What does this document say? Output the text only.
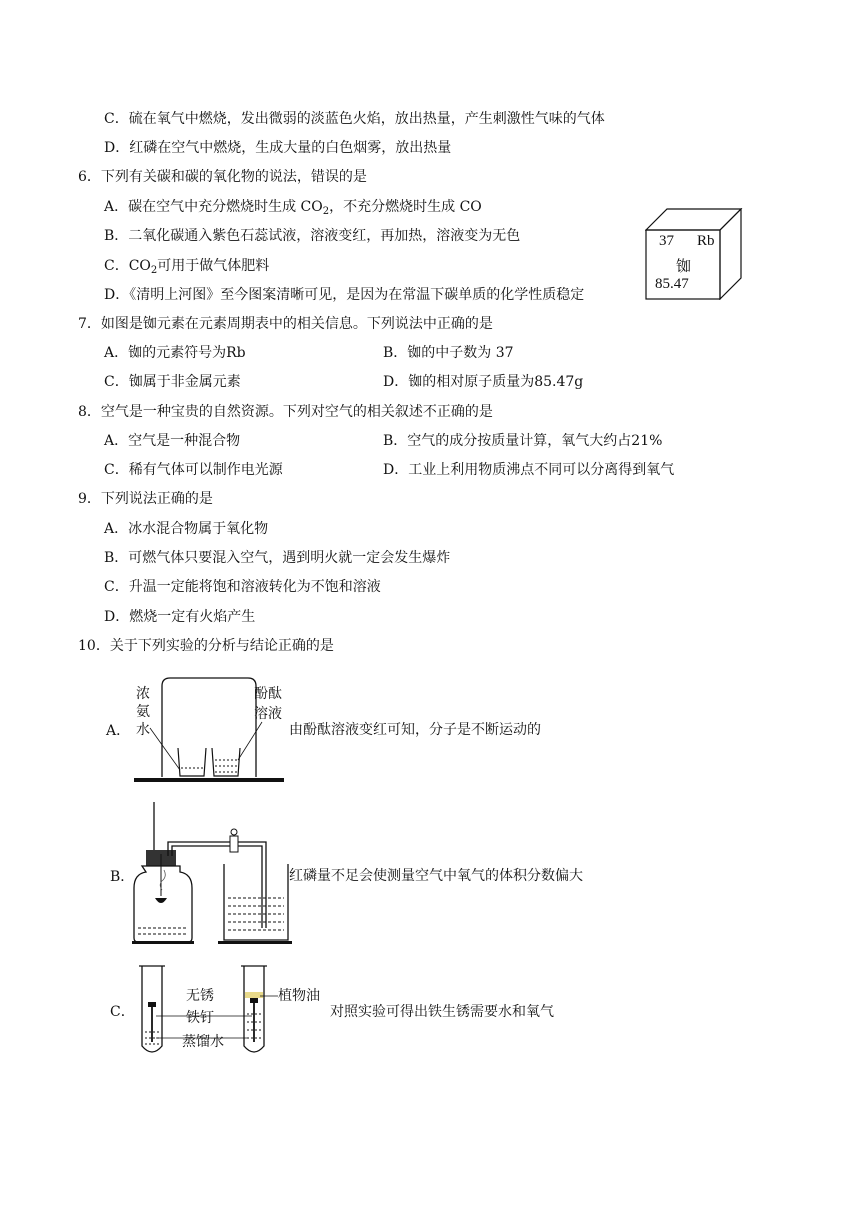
C．硫在氧气中燃烧，发出微弱的淡蓝色火焰，放出热量，产生刺激性气味的气体
D．红磷在空气中燃烧，生成大量的白色烟雾，放出热量
6．下列有关碳和碳的氧化物的说法，错误的是
A．碳在空气中充分燃烧时生成 $CO_2$，不充分燃烧时生成 CO
B．二氧化碳通入紫色石蕊试液，溶液变红，再加热，溶液变为无色
C．$CO_2$可用于做气体肥料
D．《清明上河图》至今图案清晰可见，是因为在常温下碳单质的化学性质稳定
37 Rb
铷
85.47
7．如图是铷元素在元素周期表中的相关信息。下列说法中正确的是
A．铷的元素符号为Rb	B．铷的中子数为 37
C．铷属于非金属元素	D．铷的相对原子质量为85.47g
8．空气是一种宝贵的自然资源。下列对空气的相关叙述不正确的是
A．空气是一种混合物	B．空气的成分按质量计算，氧气大约占21%
C．稀有气体可以制作电光源	D．工业上利用物质沸点不同可以分离得到氧气
9．下列说法正确的是
A．冰水混合物属于氧化物
B．可燃气体只要混入空气，遇到明火就一定会发生爆炸
C．升温一定能将饱和溶液转化为不饱和溶液
D．燃烧一定有火焰产生
10．关于下列实验的分析与结论正确的是
A．
浓
氨
水
酚酞
溶液
由酚酞溶液变红可知，分子是不断运动的
B．	红磷量不足会使测量空气中氧气的体积分数偏大
C．
无锈
铁钉
蒸馏水
植物油
对照实验可得出铁生锈需要水和氧气
